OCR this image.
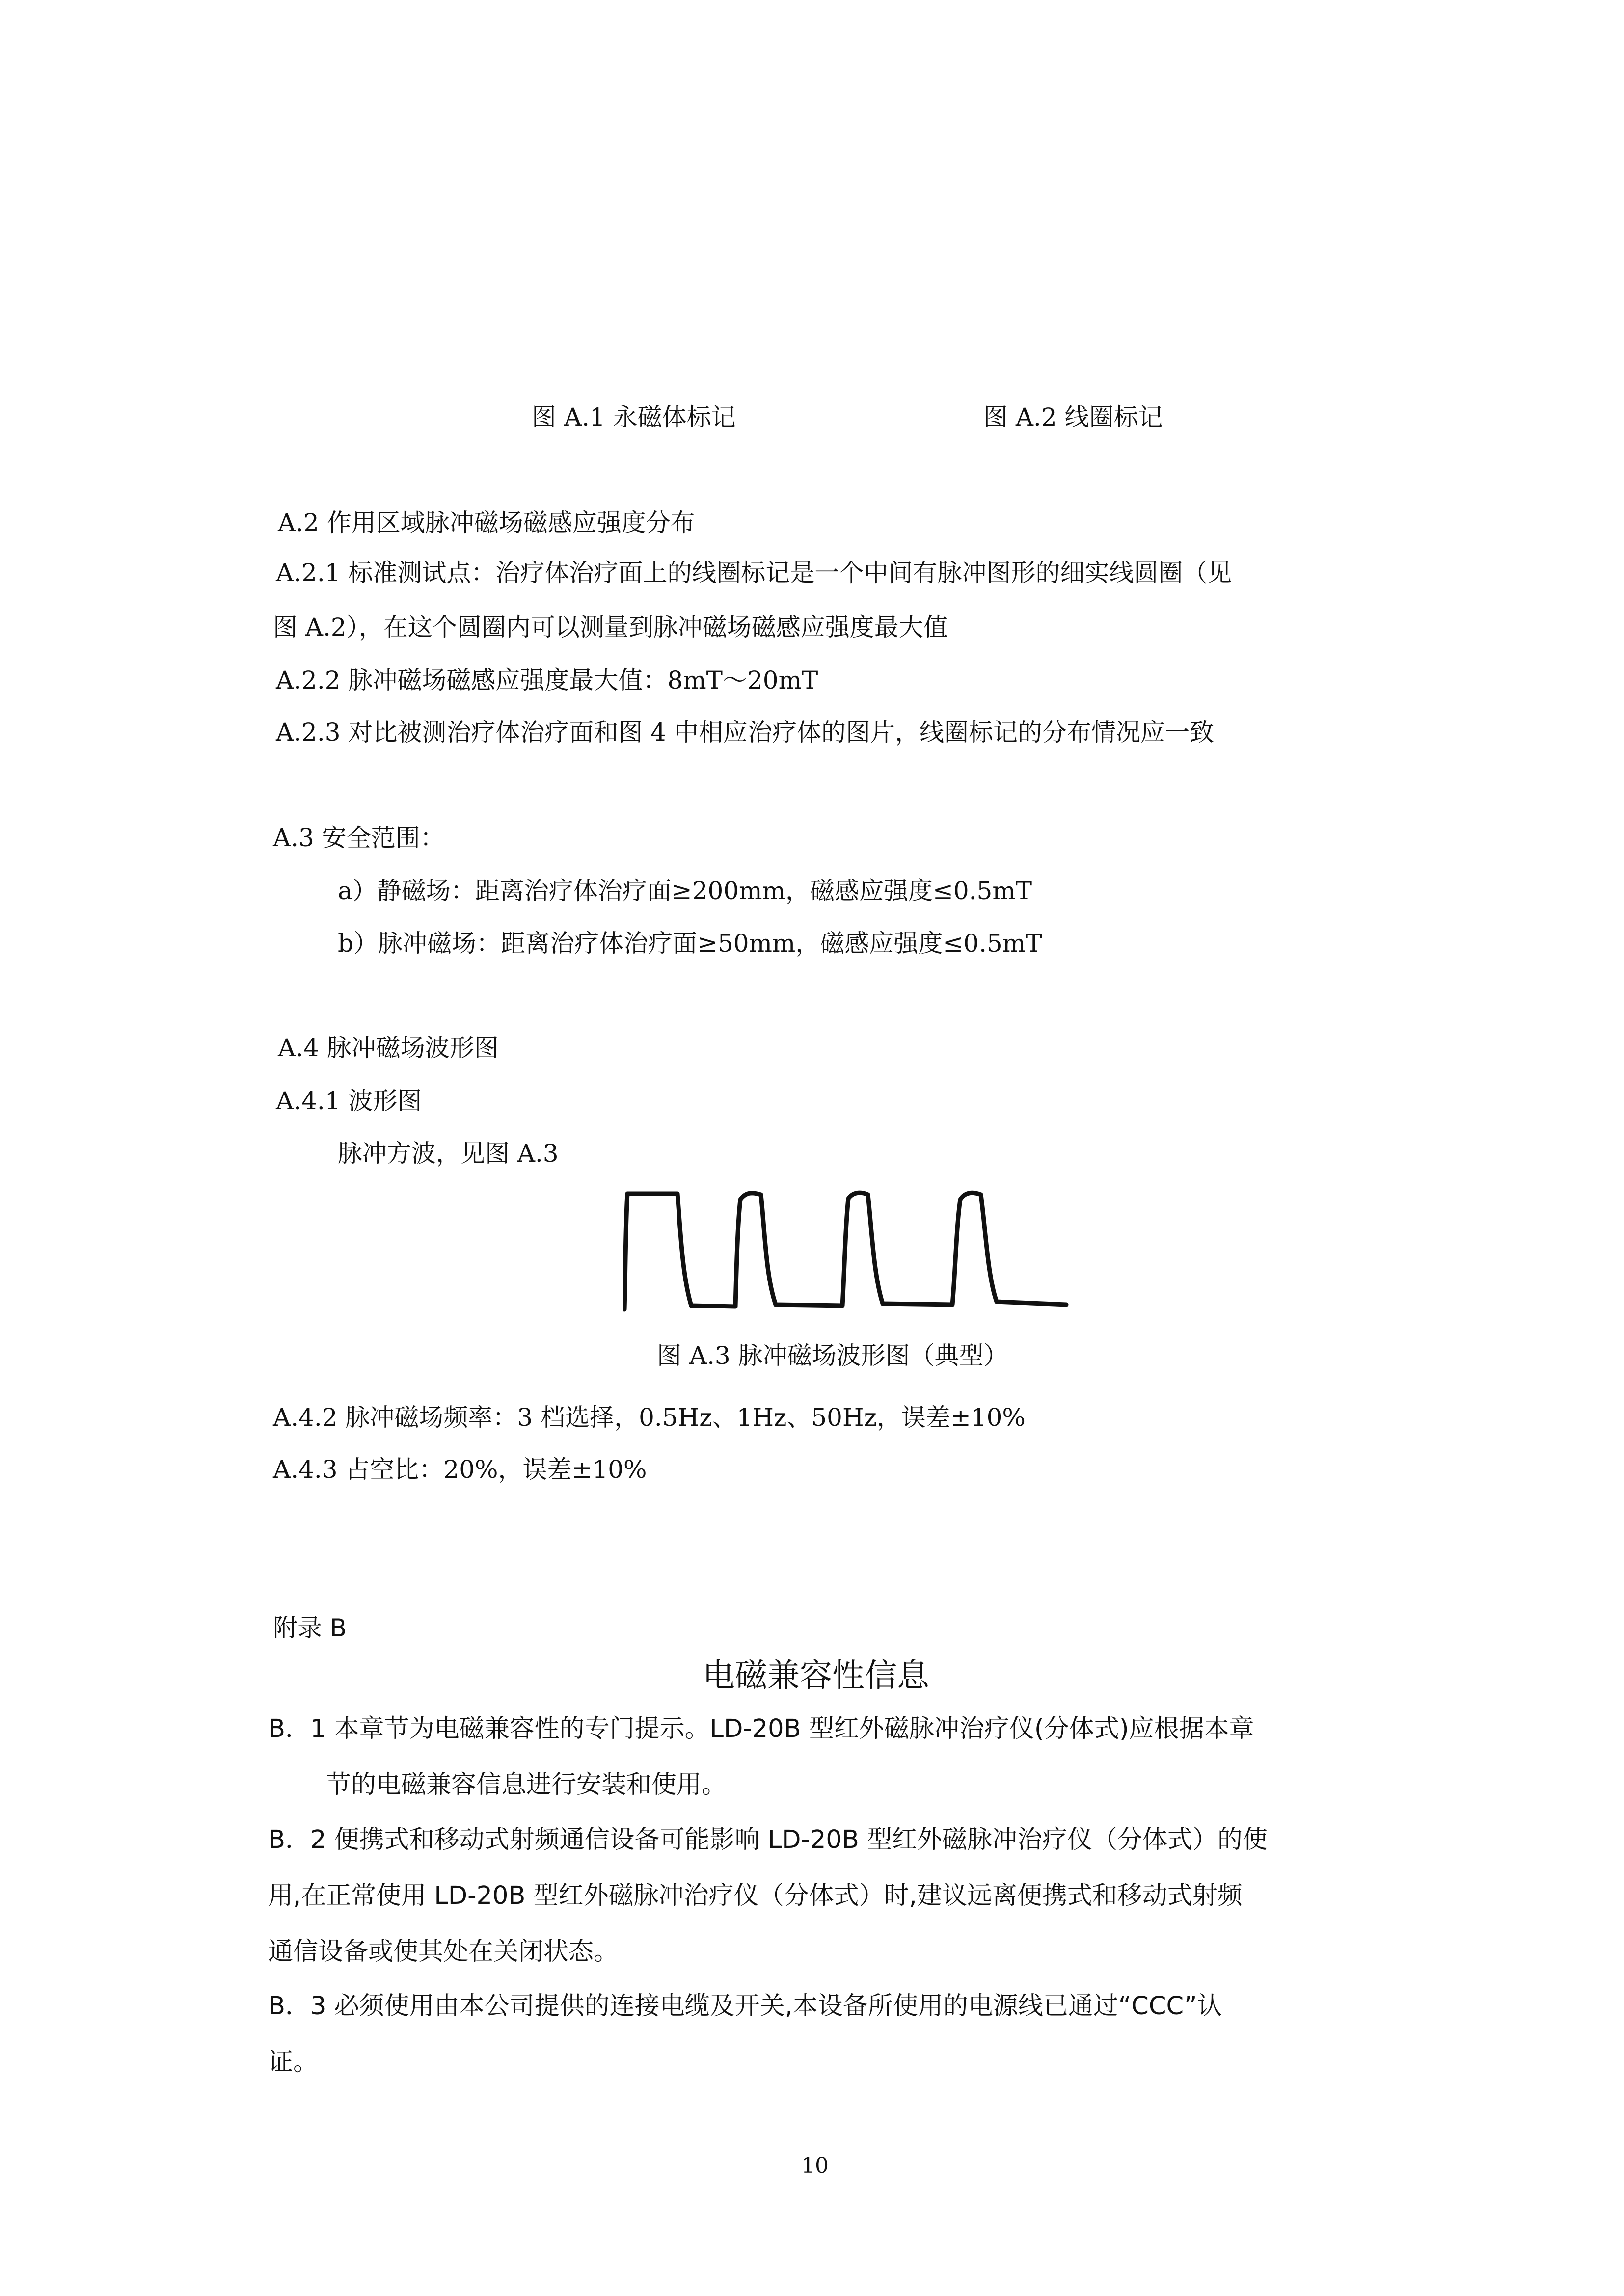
图 A.1 永磁体标记	图 A.2 线圈标记
A.2 作用区域脉冲磁场磁感应强度分布
A.2.1 标准测试点：治疗体治疗面上的线圈标记是一个中间有脉冲图形的细实线圆圈（见
图 A.2），在这个圆圈内可以测量到脉冲磁场磁感应强度最大值
A.2.2 脉冲磁场磁感应强度最大值：8mT～20mT
A.2.3 对比被测治疗体治疗面和图 4 中相应治疗体的图片，线圈标记的分布情况应一致
A.3 安全范围：
a）静磁场：距离治疗体治疗面≥200mm，磁感应强度≤0.5mT
b）脉冲磁场：距离治疗体治疗面≥50mm，磁感应强度≤0.5mT
A.4 脉冲磁场波形图
A.4.1 波形图
脉冲方波，见图 A.3
图 A.3 脉冲磁场波形图（典型）
A.4.2 脉冲磁场频率：3 档选择，0.5Hz、1Hz、50Hz，误差±10%
A.4.3 占空比：20%，误差±10%
附录 B
电磁兼容性信息
B．1 本章节为电磁兼容性的专门提示。LD-20B 型红外磁脉冲治疗仪(分体式)应根据本章
节的电磁兼容信息进行安装和使用。
B．2 便携式和移动式射频通信设备可能影响 LD-20B 型红外磁脉冲治疗仪（分体式）的使
用,在正常使用 LD-20B 型红外磁脉冲治疗仪（分体式）时,建议远离便携式和移动式射频
通信设备或使其处在关闭状态。
B．3 必须使用由本公司提供的连接电缆及开关,本设备所使用的电源线已通过“CCC”认
证。
10
